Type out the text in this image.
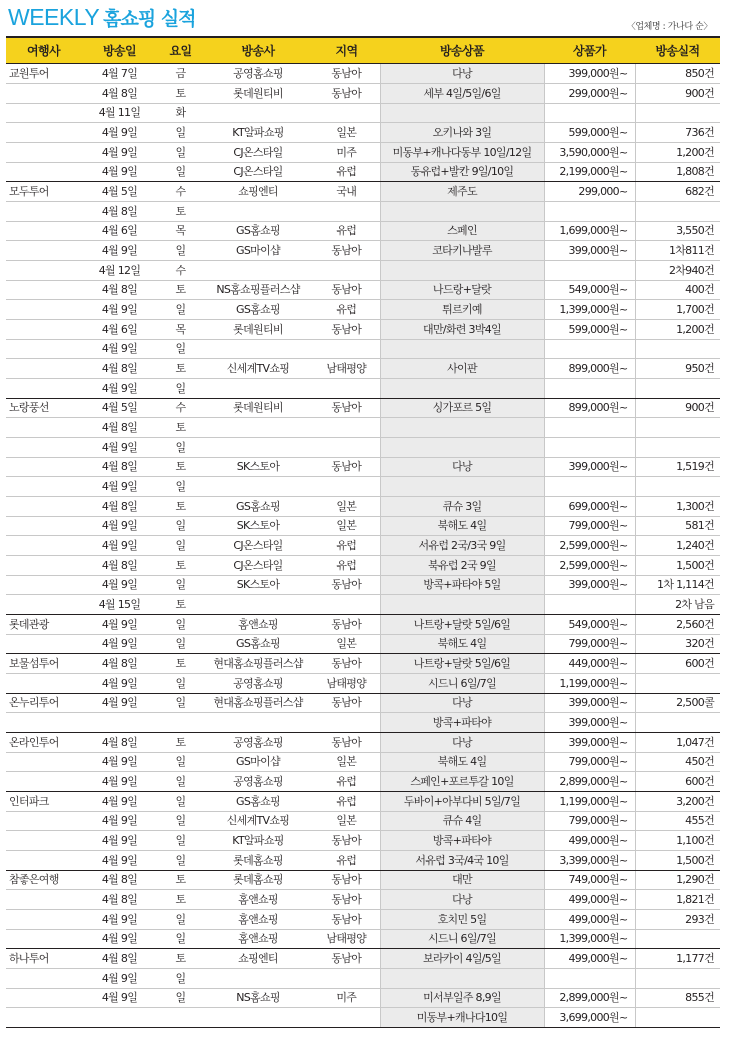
WEEKLY 홈쇼핑 실적	〈업체명 : 가나다 순〉
여행사	방송일	요일	방송사	지역	방송상품	상품가	방송실적
교원투어	4월 7일	금	공영홈쇼핑	동남아	다낭	399,000원~	850건
	4월 8일	토	롯데원티비	동남아	세부 4일/5일/6일	299,000원~	900건
	4월 11일	화					
	4월 9일	일	KT알파쇼핑	일본	오키나와 3일	599,000원~	736건
	4월 9일	일	CJ온스타일	미주	미동부+캐나다동부 10일/12일	3,590,000원~	1,200건
	4월 9일	일	CJ온스타일	유럽	동유럽+발칸 9일/10일	2,199,000원~	1,808건
모두투어	4월 5일	수	쇼핑엔티	국내	제주도	299,000~	682건
	4월 8일	토					
	4월 6일	목	GS홈쇼핑	유럽	스페인	1,699,000원~	3,550건
	4월 9일	일	GS마이샵	동남아	코타키나발루	399,000원~	1차811건
	4월 12일	수					2차940건
	4월 8일	토	NS홈쇼핑플러스샵	동남아	나드랑+달랏	549,000원~	400건
	4월 9일	일	GS홈쇼핑	유럽	튀르키예	1,399,000원~	1,700건
	4월 6일	목	롯데원티비	동남아	대만/화련 3박4일	599,000원~	1,200건
	4월 9일	일					
	4월 8일	토	신세계TV쇼핑	남태평양	사이판	899,000원~	950건
	4월 9일	일					
노랑풍선	4월 5일	수	롯데원티비	동남아	싱가포르 5일	899,000원~	900건
	4월 8일	토					
	4월 9일	일					
	4월 8일	토	SK스토아	동남아	다낭	399,000원~	1,519건
	4월 9일	일					
	4월 8일	토	GS홈쇼핑	일본	큐슈 3일	699,000원~	1,300건
	4월 9일	일	SK스토아	일본	북해도 4일	799,000원~	581건
	4월 9일	일	CJ온스타일	유럽	서유럽 2국/3국 9일	2,599,000원~	1,240건
	4월 8일	토	CJ온스타일	유럽	북유럽 2국 9일	2,599,000원~	1,500건
	4월 9일	일	SK스토아	동남아	방콕+파타야 5일	399,000원~	1차 1,114건
	4월 15일	토					2차 남음
롯데관광	4월 9일	일	홈앤쇼핑	동남아	나트랑+달랏 5일/6일	549,000원~	2,560건
	4월 9일	일	GS홈쇼핑	일본	북해도 4일	799,000원~	320건
보물섬투어	4월 8일	토	현대홈쇼핑플러스샵	동남아	나트랑+달랏 5일/6일	449,000원~	600건
	4월 9일	일	공영홈쇼핑	남태평양	시드니 6일/7일	1,199,000원~	
온누리투어	4월 9일	일	현대홈쇼핑플러스샵	동남아	다낭	399,000원~	2,500콜
					방콕+파타야	399,000원~	
온라인투어	4월 8일	토	공영홈쇼핑	동남아	다낭	399,000원~	1,047건
	4월 9일	일	GS마이샵	일본	북해도 4일	799,000원~	450건
	4월 9일	일	공영홈쇼핑	유럽	스페인+포르투갈 10일	2,899,000원~	600건
인터파크	4월 9일	일	GS홈쇼핑	유럽	두바이+아부다비 5일/7일	1,199,000원~	3,200건
	4월 9일	일	신세계TV쇼핑	일본	큐슈 4일	799,000원~	455건
	4월 9일	일	KT알파쇼핑	동남아	방콕+파타야	499,000원~	1,100건
	4월 9일	일	롯데홈쇼핑	유럽	서유럽 3국/4국 10일	3,399,000원~	1,500건
참좋은여행	4월 8일	토	롯데홈쇼핑	동남아	대만	749,000원~	1,290건
	4월 8일	토	홈앤쇼핑	동남아	다낭	499,000원~	1,821건
	4월 9일	일	홈앤쇼핑	동남아	호치민 5일	499,000원~	293건
	4월 9일	일	홈앤쇼핑	남태평양	시드니 6일/7일	1,399,000원~	
하나투어	4월 8일	토	쇼핑엔티	동남아	보라카이 4일/5일	499,000원~	1,177건
	4월 9일	일					
	4월 9일	일	NS홈쇼핑	미주	미서부일주 8,9일	2,899,000원~	855건
					미동부+캐나다10일	3,699,000원~	
